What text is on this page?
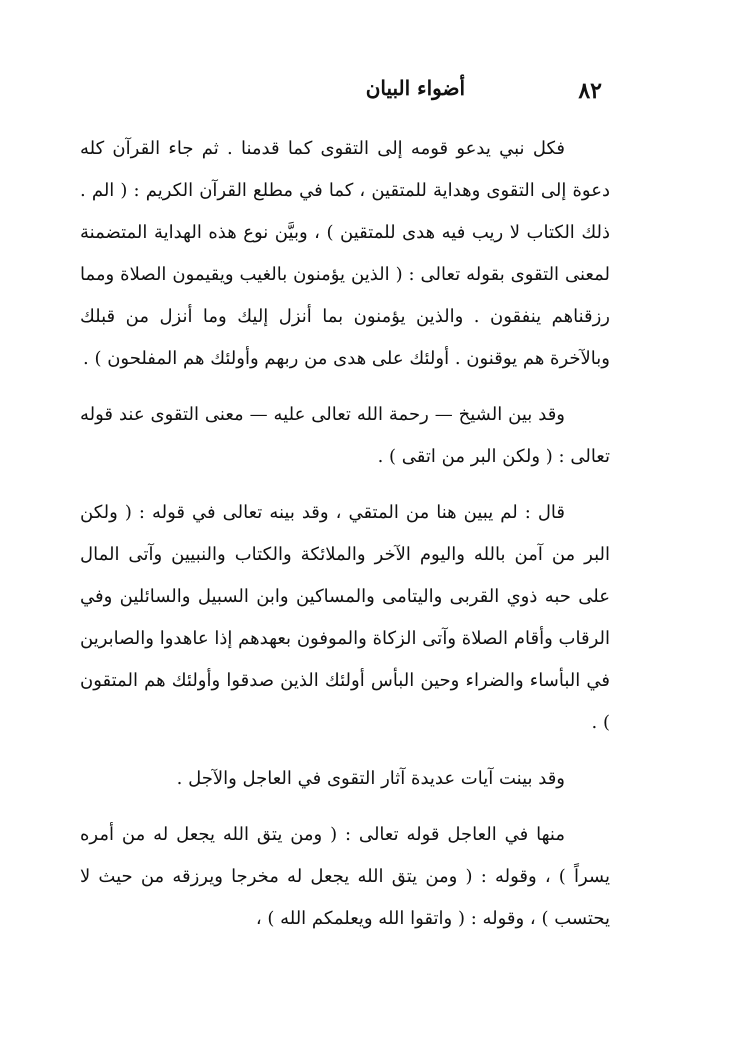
٨٢
أضواء البيان

فكل نبي يدعو قومه إلى التقوى كما قدمنا . ثم جاء القرآن كله دعوة إلى التقوى وهداية للمتقين ، كما في مطلع القرآن الكريم : ( الم . ذلك الكتاب لا ريب فيه هدى للمتقين ) ، وبيَّن نوع هذه الهداية المتضمنة لمعنى التقوى بقوله تعالى : ( الذين يؤمنون بالغيب ويقيمون الصلاة ومما رزقناهم ينفقون . والذين يؤمنون بما أنزل إليك وما أنزل من قبلك وبالآخرة هم يوقنون . أولئك على هدى من ربهم وأولئك هم المفلحون ) .

وقد بين الشيخ — رحمة الله تعالى عليه — معنى التقوى عند قوله تعالى : ( ولكن البر من اتقى ) .

قال : لم يبين هنا من المتقي ، وقد بينه تعالى في قوله : ( ولكن البر من آمن بالله واليوم الآخر والملائكة والكتاب والنبيين وآتى المال على حبه ذوي القربى واليتامى والمساكين وابن السبيل والسائلين وفي الرقاب وأقام الصلاة وآتى الزكاة والموفون بعهدهم إذا عاهدوا والصابرين في البأساء والضراء وحين البأس أولئك الذين صدقوا وأولئك هم المتقون ) .

وقد بينت آيات عديدة آثار التقوى في العاجل والآجل .

منها في العاجل قوله تعالى : ( ومن يتق الله يجعل له من أمره يسراً ) ، وقوله : ( ومن يتق الله يجعل له مخرجا ويرزقه من حيث لا يحتسب ) ، وقوله : ( واتقوا الله ويعلمكم الله ) ،
